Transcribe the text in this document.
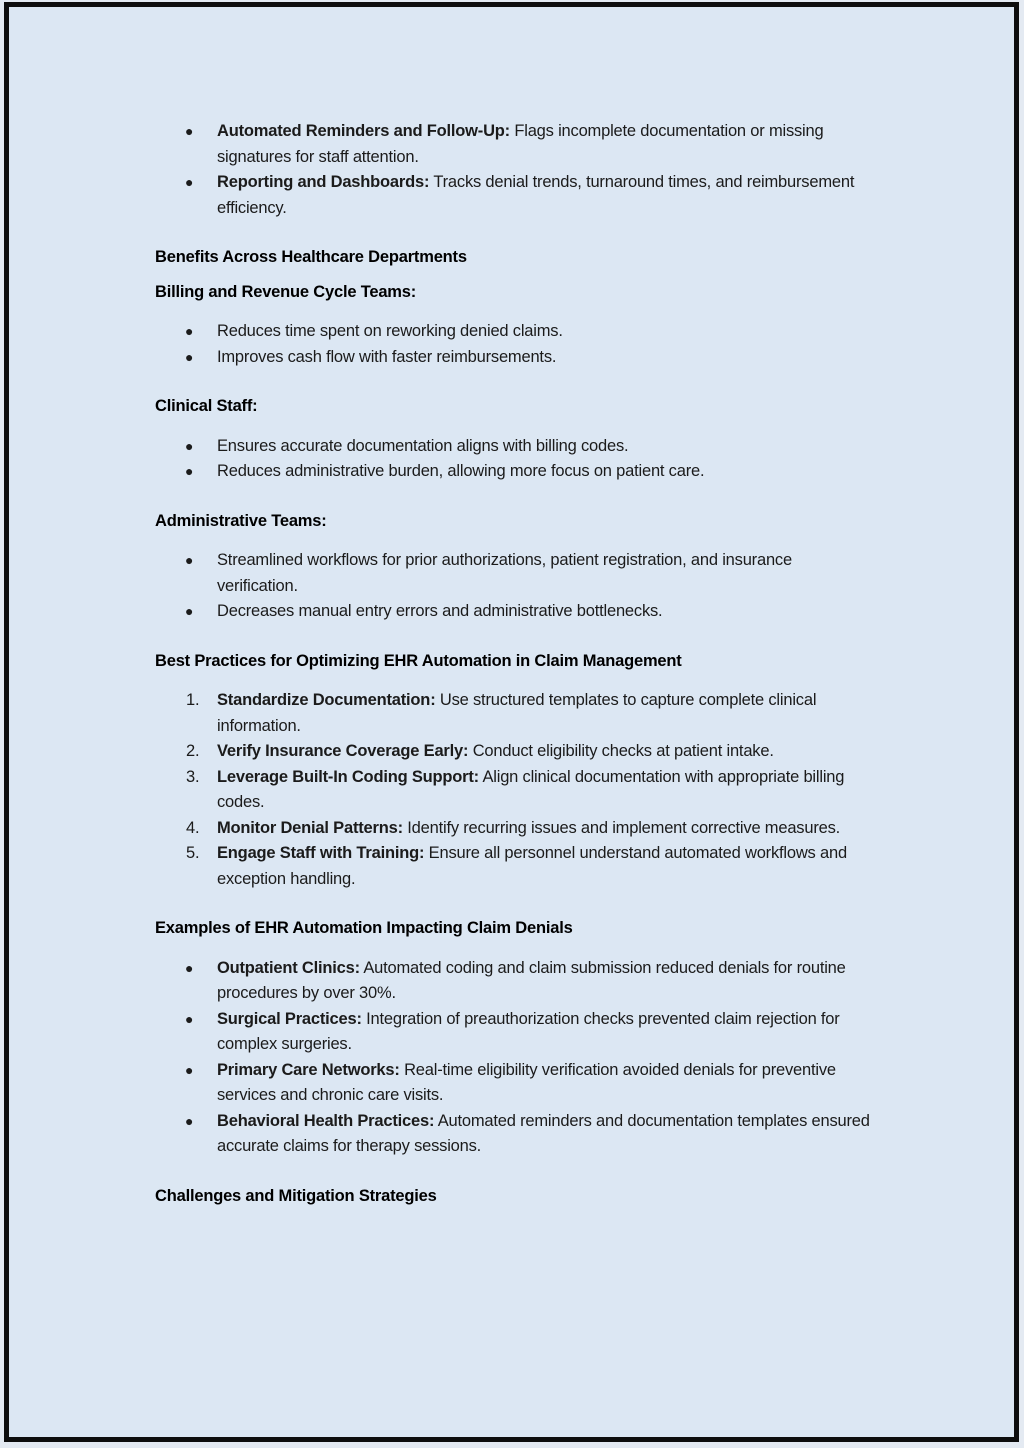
● Automated Reminders and Follow-Up: Flags incomplete documentation or missing signatures for staff attention.
● Reporting and Dashboards: Tracks denial trends, turnaround times, and reimbursement efficiency.
Benefits Across Healthcare Departments
Billing and Revenue Cycle Teams:
● Reduces time spent on reworking denied claims.
● Improves cash flow with faster reimbursements.
Clinical Staff:
● Ensures accurate documentation aligns with billing codes.
● Reduces administrative burden, allowing more focus on patient care.
Administrative Teams:
● Streamlined workflows for prior authorizations, patient registration, and insurance verification.
● Decreases manual entry errors and administrative bottlenecks.
Best Practices for Optimizing EHR Automation in Claim Management
1. Standardize Documentation: Use structured templates to capture complete clinical information.
2. Verify Insurance Coverage Early: Conduct eligibility checks at patient intake.
3. Leverage Built-In Coding Support: Align clinical documentation with appropriate billing codes.
4. Monitor Denial Patterns: Identify recurring issues and implement corrective measures.
5. Engage Staff with Training: Ensure all personnel understand automated workflows and exception handling.
Examples of EHR Automation Impacting Claim Denials
● Outpatient Clinics: Automated coding and claim submission reduced denials for routine procedures by over 30%.
● Surgical Practices: Integration of preauthorization checks prevented claim rejection for complex surgeries.
● Primary Care Networks: Real-time eligibility verification avoided denials for preventive services and chronic care visits.
● Behavioral Health Practices: Automated reminders and documentation templates ensured accurate claims for therapy sessions.
Challenges and Mitigation Strategies
